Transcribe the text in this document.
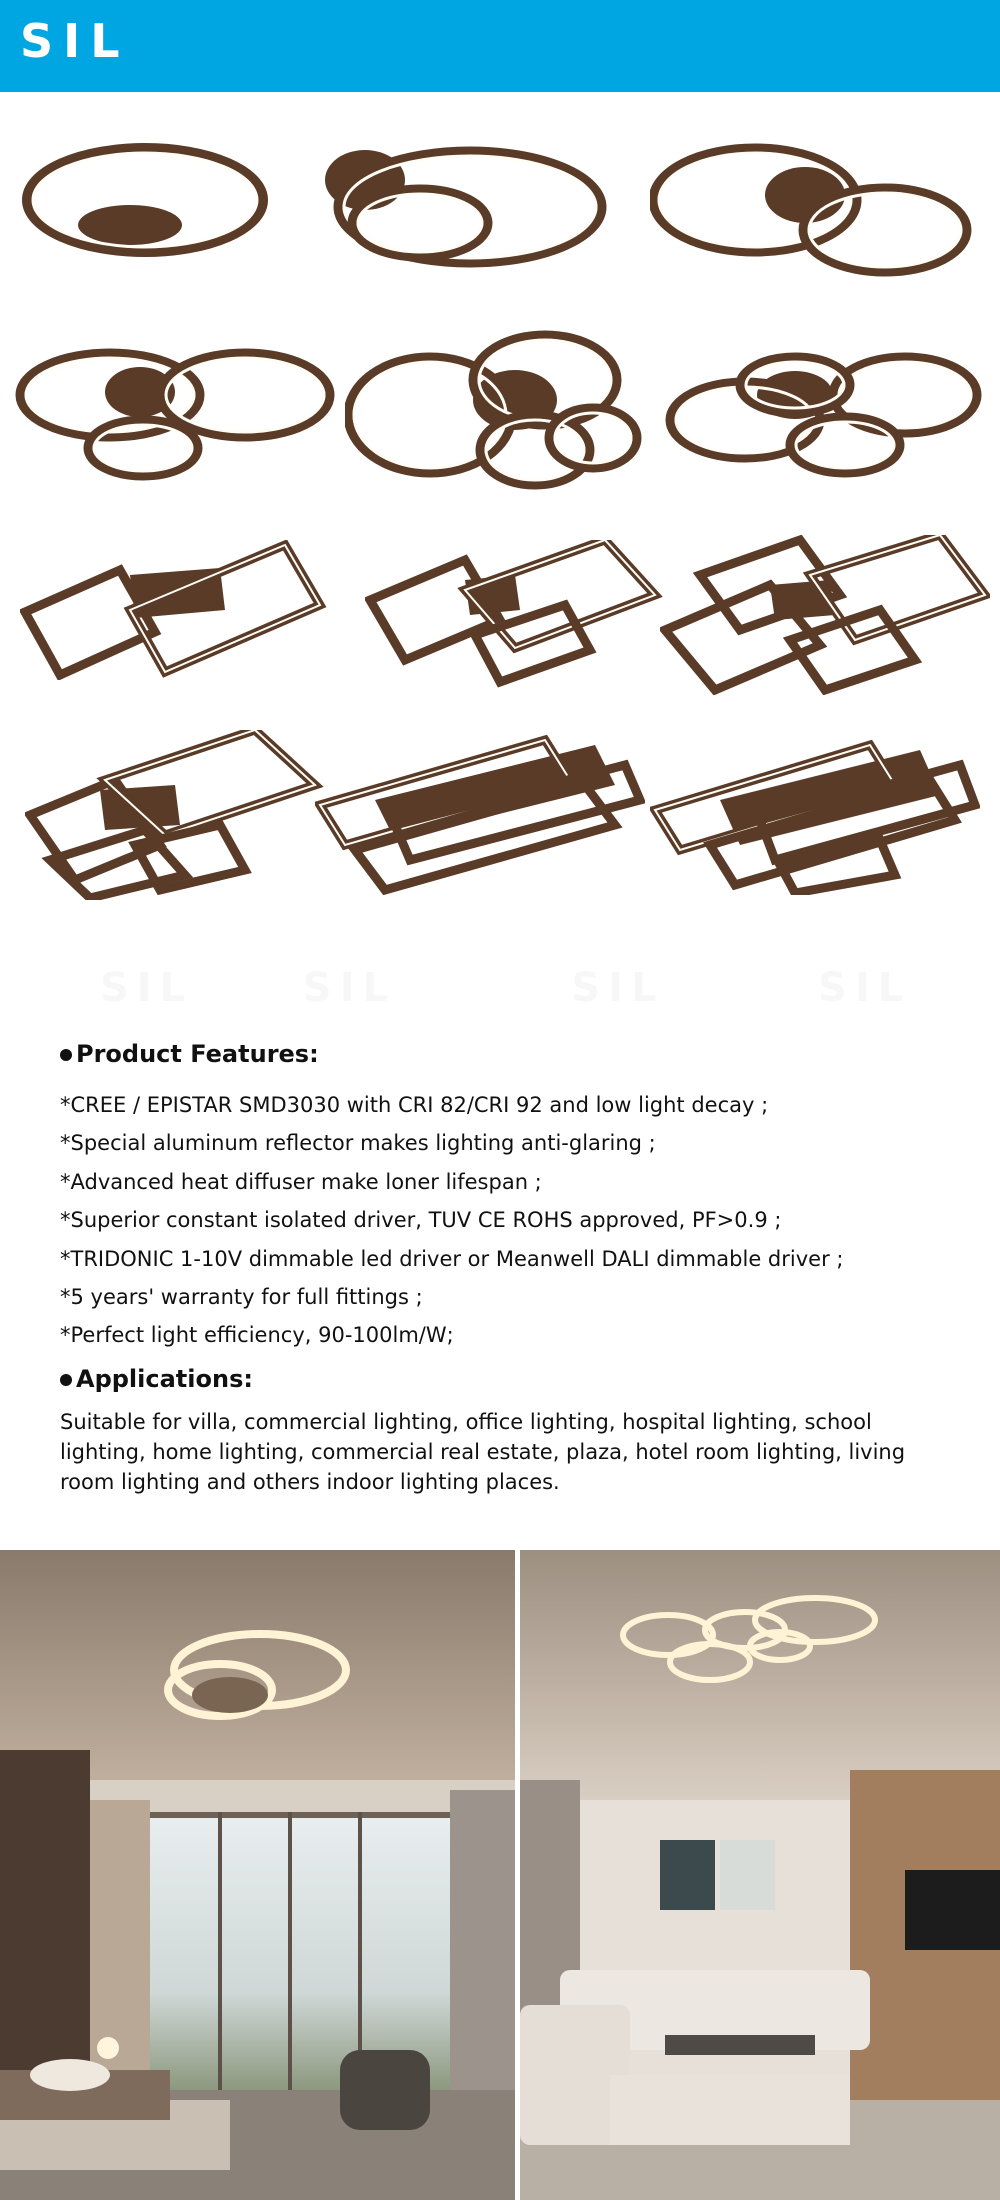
SIL
Product Features:
*CREE / EPISTAR SMD3030 with CRI 82/CRI 92 and low light decay ;
*Special aluminum reflector makes lighting anti-glaring ;
*Advanced heat diffuser make loner lifespan ;
*Superior constant isolated driver, TUV CE ROHS approved, PF>0.9 ;
*TRIDONIC 1-10V dimmable led driver or Meanwell DALI dimmable driver ;
*5 years' warranty for full fittings ;
*Perfect light efficiency, 90-100lm/W;
Applications:
Suitable for villa, commercial lighting, office lighting, hospital lighting, school lighting, home lighting, commercial real estate, plaza, hotel room lighting, living room lighting and others indoor lighting places.
